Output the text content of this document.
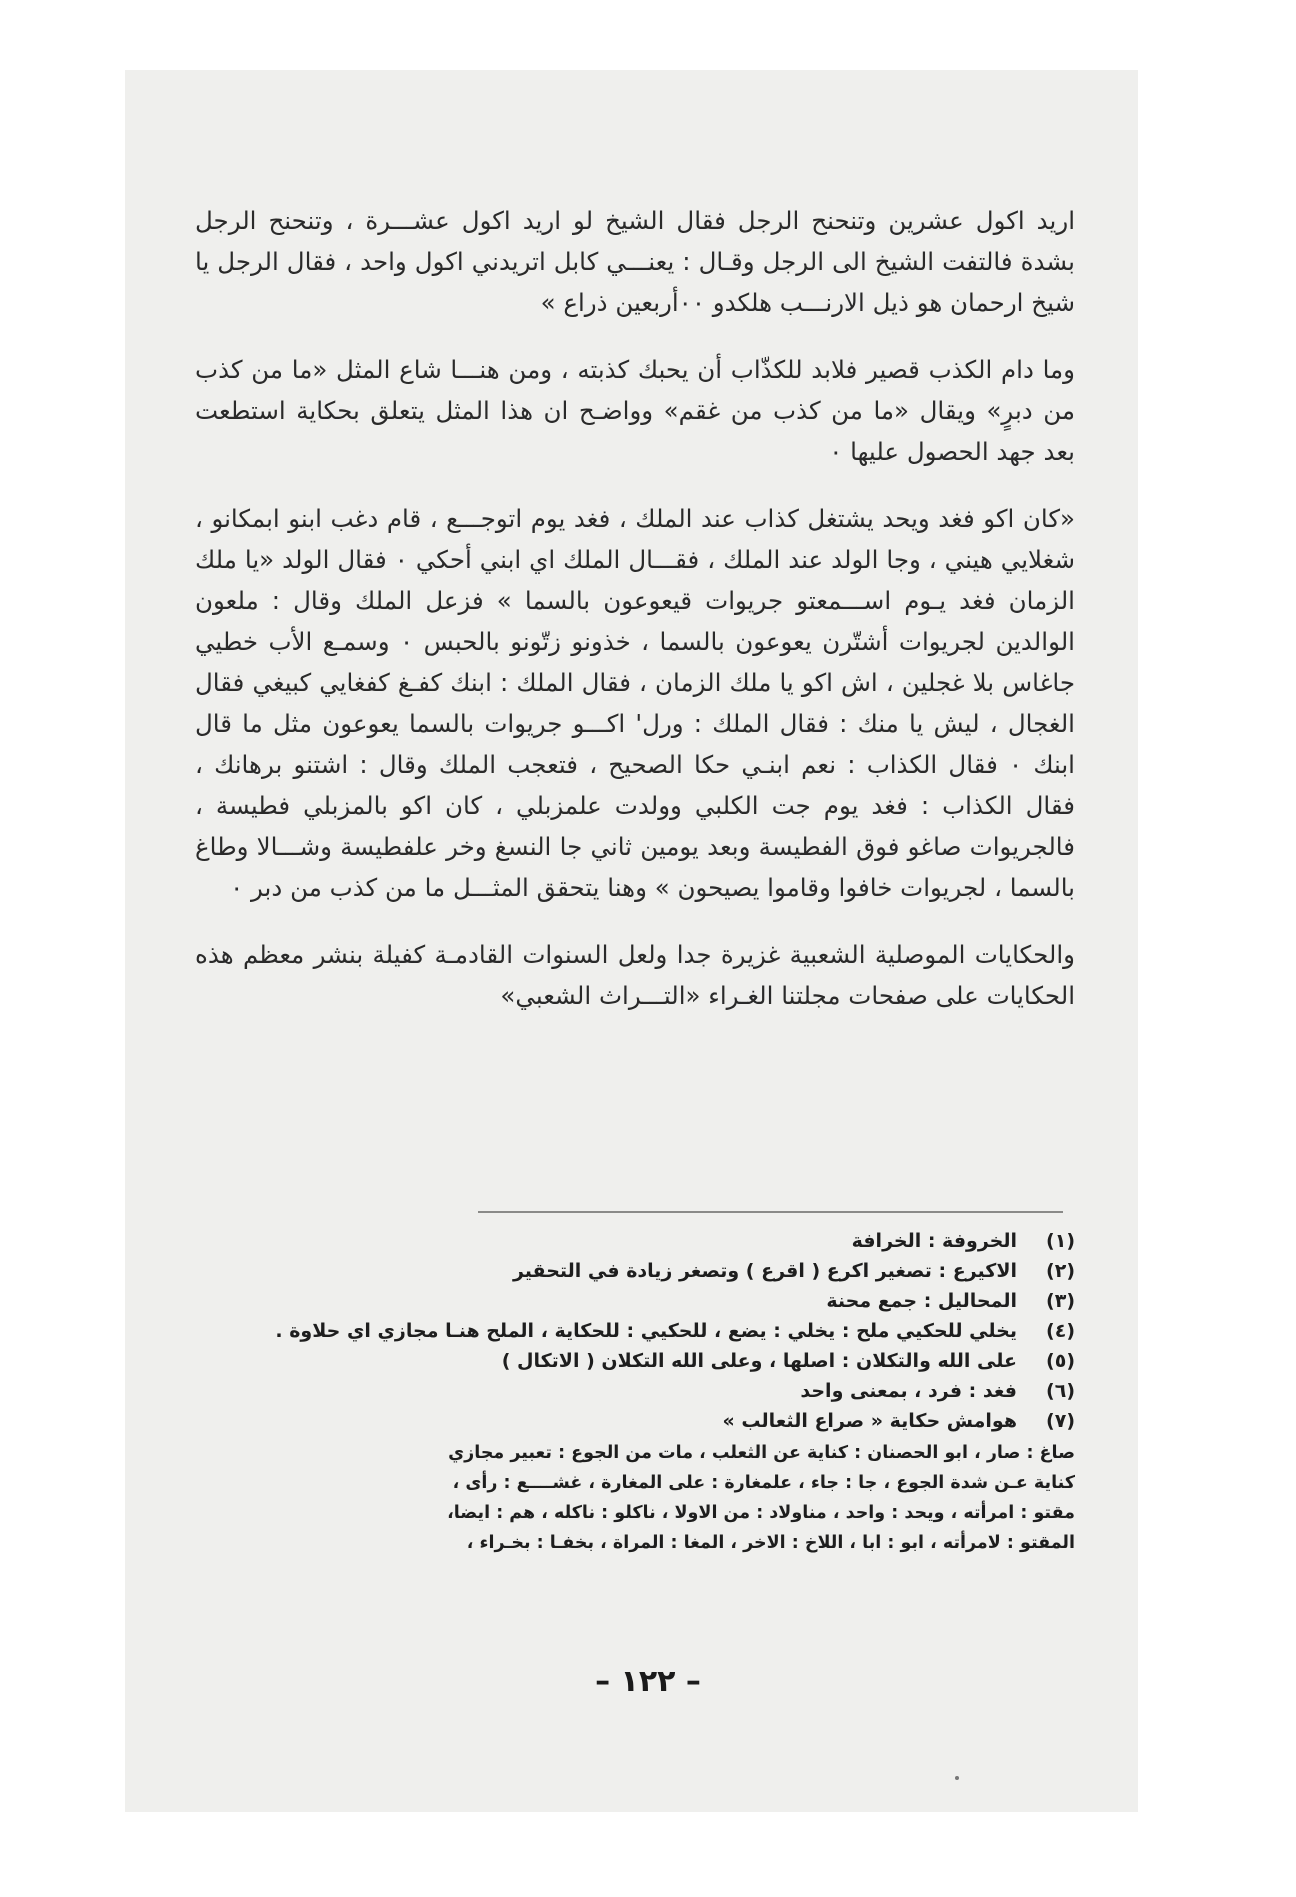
اريد اكول عشرين وتنحنح الرجل فقال الشيخ لو اريد اكول عشـــرة ، وتنحنح الرجل بشدة فالتفت الشيخ الى الرجل وقـال : يعنـــي كابل اتريدني اكول واحد ، فقال الرجل يا شيخ ارحمان هو ذيل الارنـــب هلكدو ٠٠أربعين ذراع »

وما دام الكذب قصير فلابد للكذّاب أن يحبك كذبته ، ومن هنـــا شاع المثل «ما من كذب من دبرٍ» ويقال «ما من كذب من غقم» وواضـح ان هذا المثل يتعلق بحكاية استطعت بعد جهد الحصول عليها ٠

«كان اكو فغد ويحد يشتغل كذاب عند الملك ، فغد يوم اتوجـــع ، قام دغب ابنو ابمكانو ، شغلايي هيني ، وجا الولد عند الملك ، فقـــال الملك اي ابني أحكي ٠ فقال الولد «يا ملك الزمان فغد يـوم اســـمعتو جريوات قيعوعون بالسما » فزعل الملك وقال : ملعون الوالدين لجريوات أشتّرن يعوعون بالسما ، خذونو زتّونو بالحبس ٠ وسمـع الأب خطيي جاغاس بلا غجلين ، اش اكو يا ملك الزمان ، فقال الملك : ابنك كفـغ كفغايي كبيغي فقال الغجال ، ليش يا منك : فقال الملك : ورل' اكـــو جريوات بالسما يعوعون مثل ما قال ابنك ٠ فقال الكذاب : نعم ابنـي حكا الصحيح ، فتعجب الملك وقال : اشتنو برهانك ، فقال الكذاب : فغد يوم جت الكلبي وولدت علمزبلي ، كان اكو بالمزبلي فطيسة ، فالجريوات صاغو فوق الفطيسة وبعد يومين ثاني جا النسغ وخر علفطيسة وشـــالا وطاغ بالسما ، لجريوات خافوا وقاموا يصيحون » وهنا يتحقق المثـــل ما من كذب من دبر ٠

والحكايات الموصلية الشعبية غزيرة جدا ولعل السنوات القادمـة كفيلة بنشر معظم هذه الحكايات على صفحات مجلتنا الغـراء «التـــراث الشعبي»

(١)
الخروفة : الخرافة
(٢)
الاكيرع : تصغير اكرع ( اقرع ) وتصغر زيادة في التحقير
(٣)
المحاليل : جمع محنة
(٤)
يخلي للحكيي ملح : يخلي : يضع ، للحكيي : للحكاية ، الملح هنـا مجازي اي حلاوة .
(٥)
على الله والتكلان : اصلها ، وعلى الله التكلان ( الاتكال )
(٦)
فغد : فرد ، بمعنى واحد
(٧)
هوامش حكاية « صراع الثعالب »
صاغ : صار ، ابو الحصنان : كناية عن الثعلب ، مات من الجوع : تعبير مجازي
كناية عـن شدة الجوع ، جا : جاء ، علمغارة : على المغارة ، غشــــع : رأى ،
مقتو : امرأته ، ويحد : واحد ، مناولاد : من الاولا ، ناكلو : ناكله ، هم : ايضا،
المقتو : لامرأته ، ابو : ابا ، اللاخ : الاخر ، المغا : المراة ، بخفـا : بخـراء ،
– ١٢٢ –
